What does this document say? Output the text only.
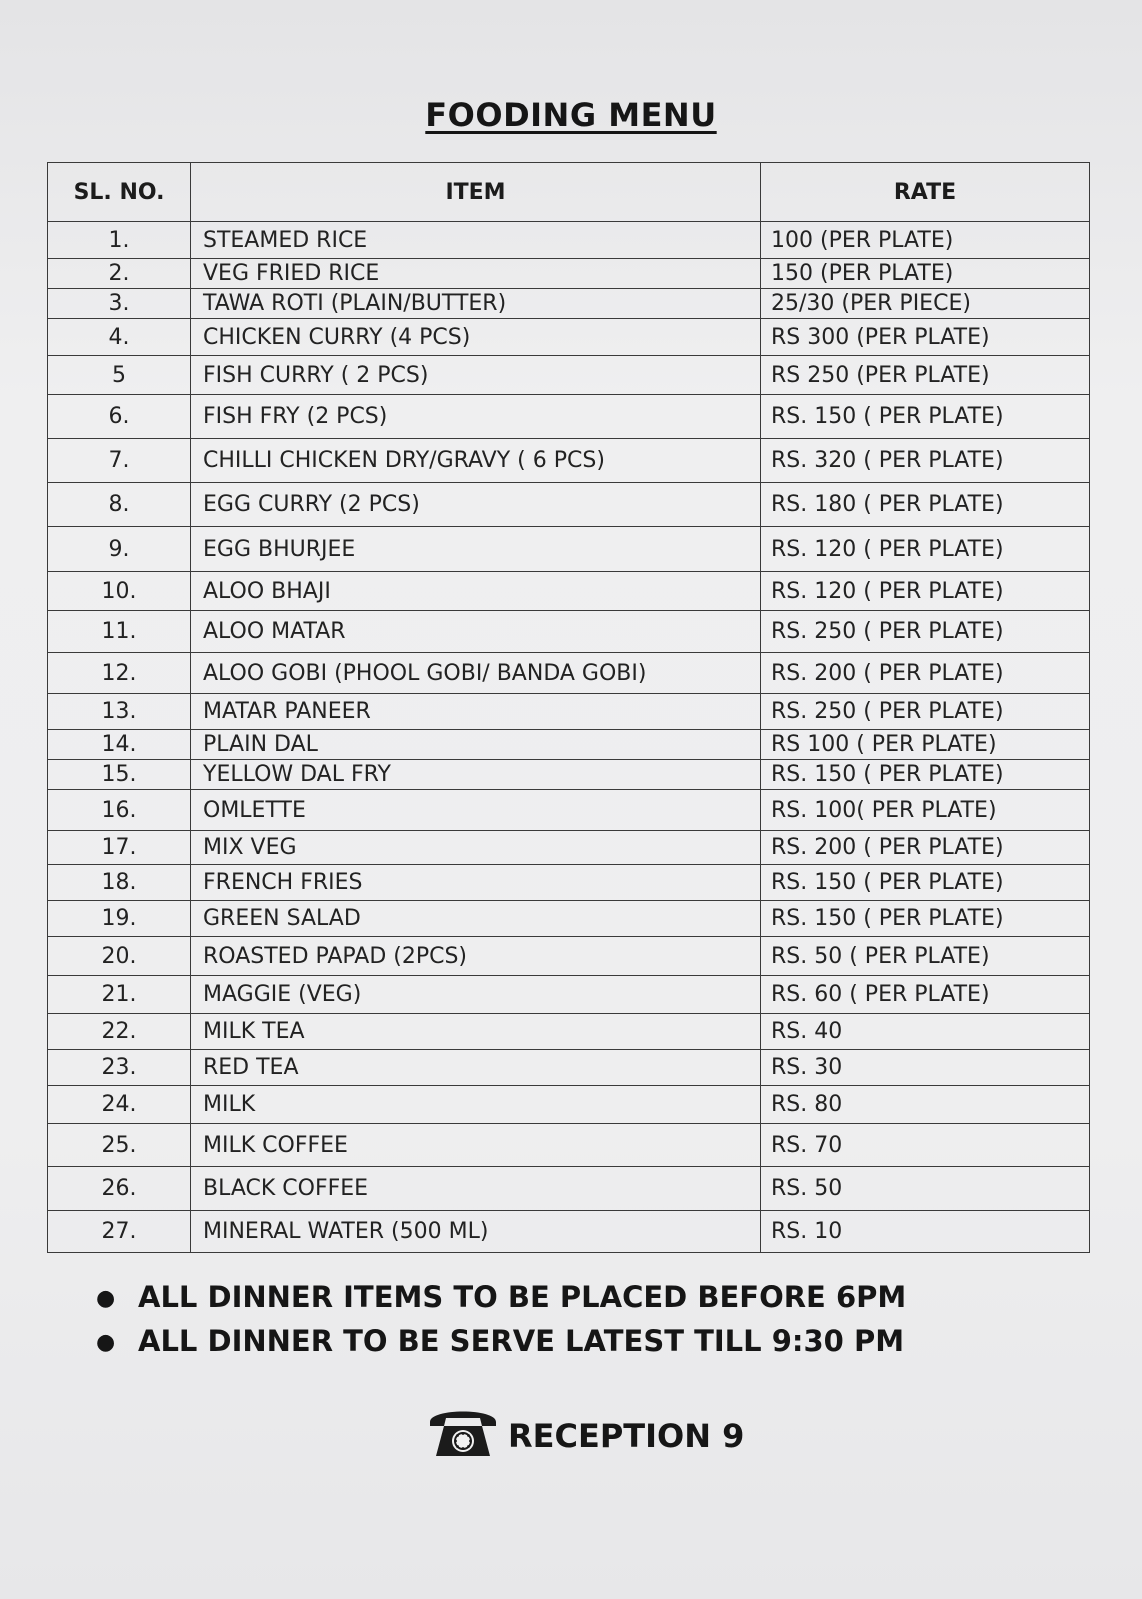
FOODING MENU
SL. NO.	ITEM	RATE
1.	STEAMED RICE	100 (PER PLATE)
2.	VEG FRIED RICE	150 (PER PLATE)
3.	TAWA ROTI (PLAIN/BUTTER)	25/30 (PER PIECE)
4.	CHICKEN CURRY (4 PCS)	RS 300 (PER PLATE)
5	FISH CURRY ( 2 PCS)	RS 250 (PER PLATE)
6.	FISH FRY (2 PCS)	RS. 150 ( PER PLATE)
7.	CHILLI CHICKEN DRY/GRAVY ( 6 PCS)	RS. 320 ( PER PLATE)
8.	EGG CURRY (2 PCS)	RS. 180 ( PER PLATE)
9.	EGG BHURJEE	RS. 120 ( PER PLATE)
10.	ALOO BHAJI	RS. 120 ( PER PLATE)
11.	ALOO MATAR	RS. 250 ( PER PLATE)
12.	ALOO GOBI (PHOOL GOBI/ BANDA GOBI)	RS. 200 ( PER PLATE)
13.	MATAR PANEER	RS. 250 ( PER PLATE)
14.	PLAIN DAL	RS 100 ( PER PLATE)
15.	YELLOW DAL FRY	RS. 150 ( PER PLATE)
16.	OMLETTE	RS. 100( PER PLATE)
17.	MIX VEG	RS. 200 ( PER PLATE)
18.	FRENCH FRIES	RS. 150 ( PER PLATE)
19.	GREEN SALAD	RS. 150 ( PER PLATE)
20.	ROASTED PAPAD (2PCS)	RS. 50 ( PER PLATE)
21.	MAGGIE (VEG)	RS. 60 ( PER PLATE)
22.	MILK TEA	RS. 40
23.	RED TEA	RS. 30
24.	MILK	RS. 80
25.	MILK COFFEE	RS. 70
26.	BLACK COFFEE	RS. 50
27.	MINERAL WATER (500 ML)	RS. 10
● ALL DINNER ITEMS TO BE PLACED BEFORE 6PM
● ALL DINNER TO BE SERVE LATEST TILL 9:30 PM
RECEPTION 9
